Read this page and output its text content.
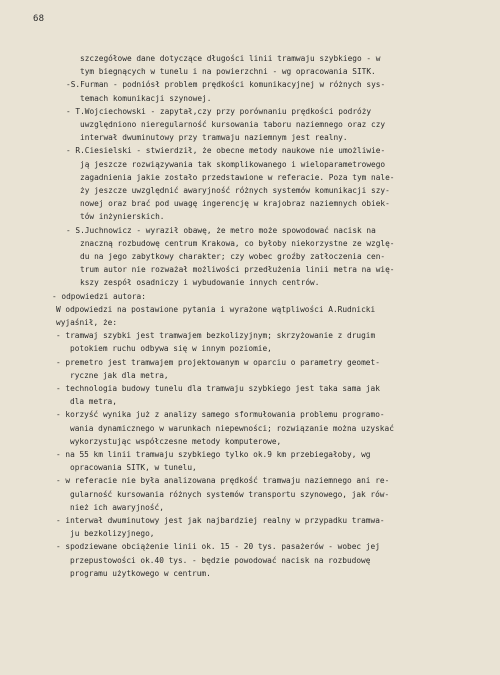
68
szczegółowe dane dotyczące długości linii tramwaju szybkiego - w
tym biegnących w tunelu i na powierzchni - wg opracowania SITK.
-S.Furman - podniósł problem prędkości komunikacyjnej w różnych sys-
temach komunikacji szynowej.
- T.Wojciechowski - zapytał,czy przy porównaniu prędkości podróży
uwzględniono nieregularność kursowania taboru naziemnego oraz czy
interwał dwuminutowy przy tramwaju naziemnym jest realny.
- R.Ciesielski - stwierdził, że obecne metody naukowe nie umożliwie-
ją jeszcze rozwiązywania tak skomplikowanego i wieloparametrowego
zagadnienia jakie zostało przedstawione w referacie. Poza tym nale-
ży jeszcze uwzględnić awaryjność różnych systemów komunikacji szy-
nowej oraz brać pod uwagę ingerencję w krajobraz naziemnych obiek-
tów inżynierskich.
- S.Juchnowicz - wyraził obawę, że metro może spowodować nacisk na
znaczną rozbudowę centrum Krakowa, co byłoby niekorzystne ze wzglę-
du na jego zabytkowy charakter; czy wobec groźby zatłoczenia cen-
trum autor nie rozważał możliwości przedłużenia linii metra na wię-
kszy zespół osadniczy i wybudowanie innych centrów.
- odpowiedzi autora:
W odpowiedzi na postawione pytania i wyrażone wątpliwości A.Rudnicki
wyjaśnił, że:
- tramwaj szybki jest tramwajem bezkolizyjnym; skrzyżowanie z drugim
potokiem ruchu odbywa się w innym poziomie,
- premetro jest tramwajem projektowanym w oparciu o parametry geomet-
ryczne jak dla metra,
- technologia budowy tunelu dla tramwaju szybkiego jest taka sama jak
dla metra,
- korzyść wynika już z analizy samego sformułowania problemu programo-
wania dynamicznego w warunkach niepewności; rozwiązanie można uzyskać
wykorzystując współczesne metody komputerowe,
- na 55 km linii tramwaju szybkiego tylko ok.9 km przebiegałoby, wg
opracowania SITK, w tunelu,
- w referacie nie była analizowana prędkość tramwaju naziemnego ani re-
gularność kursowania różnych systemów transportu szynowego, jak rów-
nież ich awaryjność,
- interwał dwuminutowy jest jak najbardziej realny w przypadku tramwa-
ju bezkolizyjnego,
- spodziewane obciążenie linii ok. 15 - 20 tys. pasażerów - wobec jej
przepustowości ok.40 tys. - będzie powodować nacisk na rozbudowę
programu użytkowego w centrum.
